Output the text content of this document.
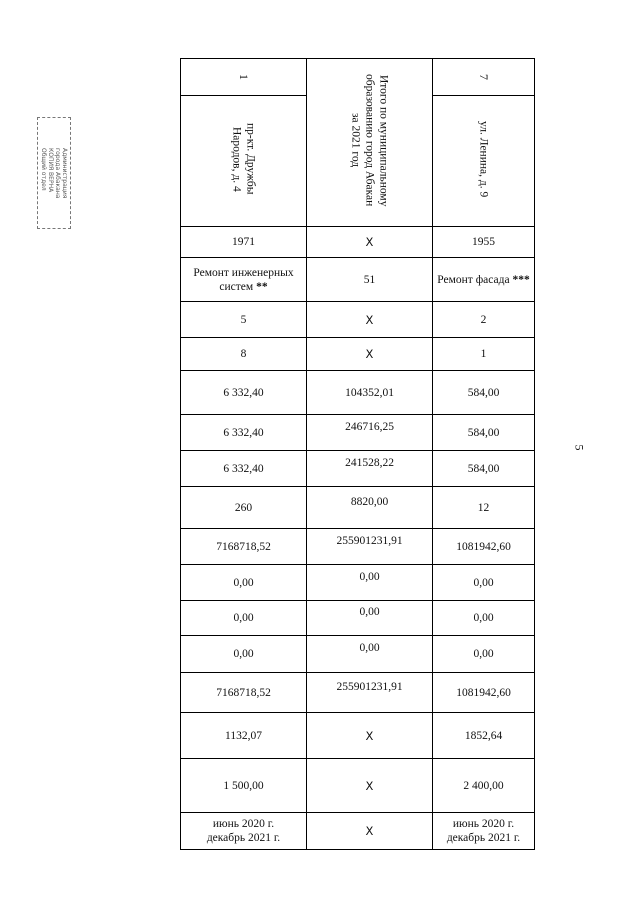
Администрация
города Абакана
КОПИЯ ВЕРНА
Общий отдел
5
1	Итого по муниципальному
образованию город Абакан
за 2021 год	7
пр-кт. Дружбы
Народов, д. 4		ул. Ленина, д. 9
1971	X	1955
Ремонт инженерных систем **	51	Ремонт фасада ***
5	X	2
8	X	1
6 332,40	104352,01	584,00
6 332,40	246716,25	584,00
6 332,40	241528,22	584,00
260	8820,00	12
7168718,52	255901231,91	1081942,60
0,00	0,00	0,00
0,00	0,00	0,00
0,00	0,00	0,00
7168718,52	255901231,91	1081942,60
1132,07	X	1852,64
1 500,00	X	2 400,00
июнь 2020 г.
декабрь 2021 г.	X	июнь 2020 г.
декабрь 2021 г.
